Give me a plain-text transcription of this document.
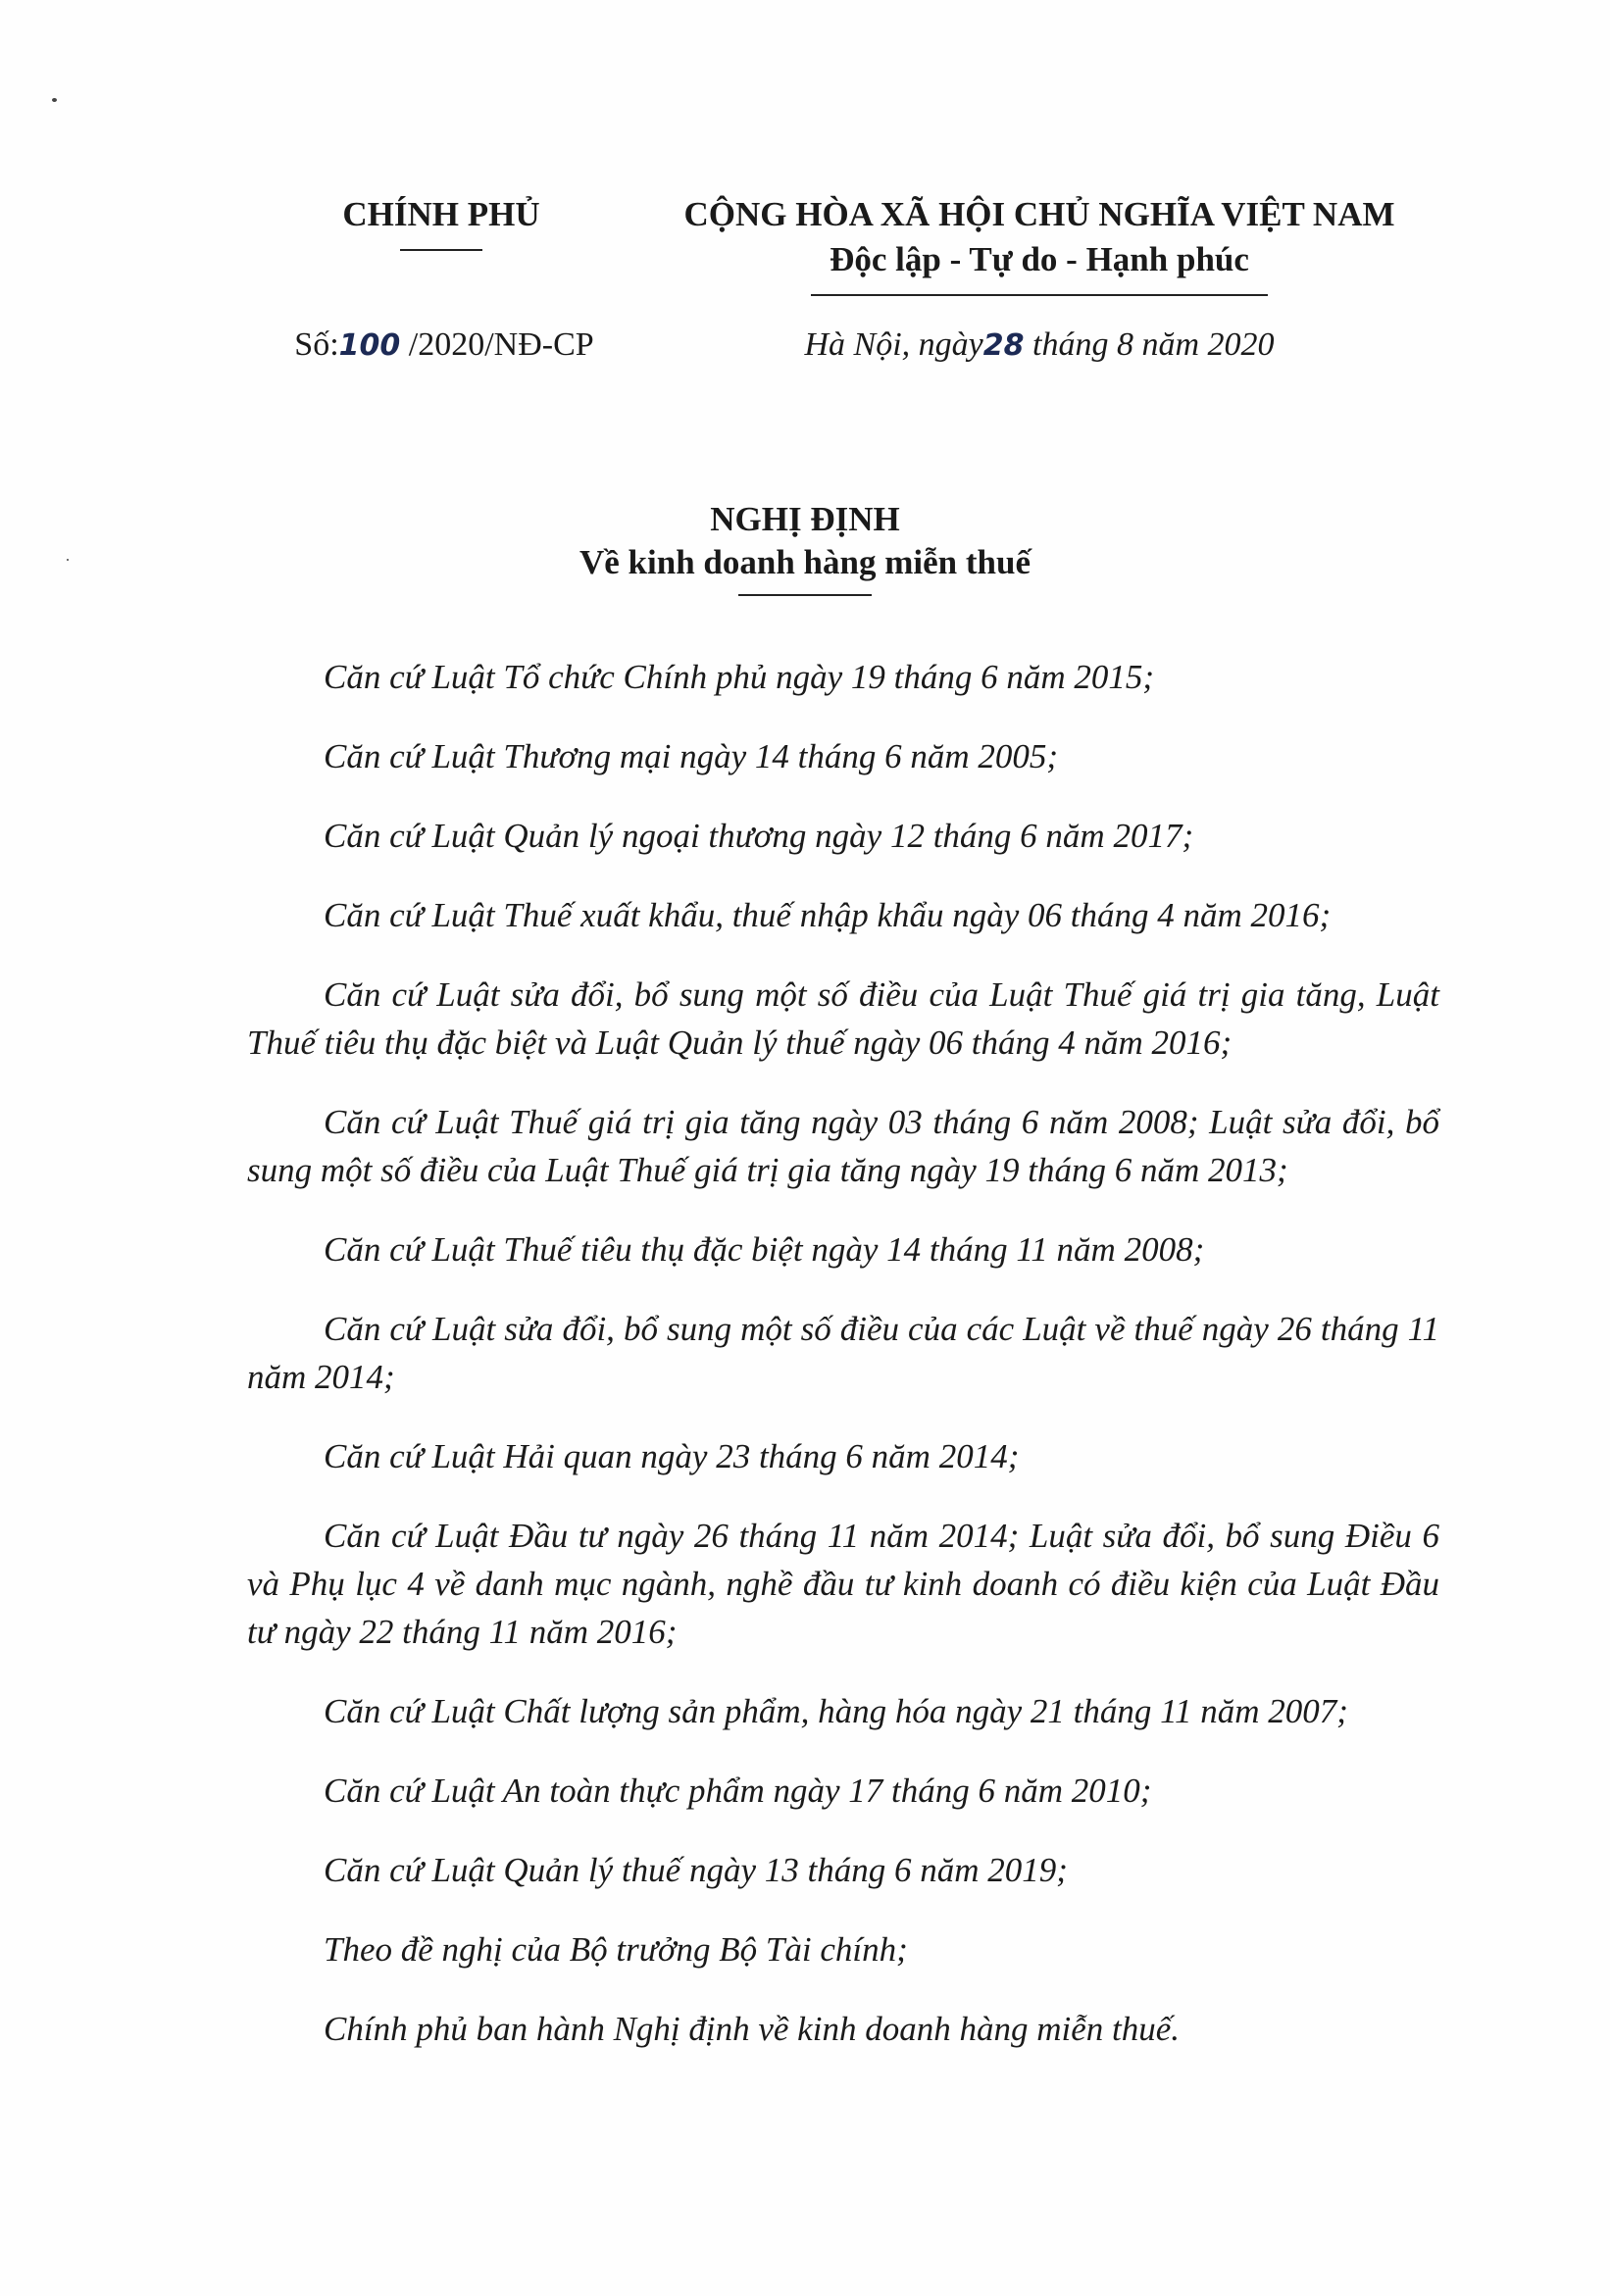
CHÍNH PHỦ	CỘNG HÒA XÃ HỘI CHỦ NGHĨA VIỆT NAM
Độc lập - Tự do - Hạnh phúc
Số:100 /2020/NĐ-CP	Hà Nội, ngày28 tháng 8 năm 2020
NGHỊ ĐỊNH
Về kinh doanh hàng miễn thuế

Căn cứ Luật Tổ chức Chính phủ ngày 19 tháng 6 năm 2015;

Căn cứ Luật Thương mại ngày 14 tháng 6 năm 2005;

Căn cứ Luật Quản lý ngoại thương ngày 12 tháng 6 năm 2017;

Căn cứ Luật Thuế xuất khẩu, thuế nhập khẩu ngày 06 tháng 4 năm 2016;

Căn cứ Luật sửa đổi, bổ sung một số điều của Luật Thuế giá trị gia tăng, Luật Thuế tiêu thụ đặc biệt và Luật Quản lý thuế ngày 06 tháng 4 năm 2016;

Căn cứ Luật Thuế giá trị gia tăng ngày 03 tháng 6 năm 2008; Luật sửa đổi, bổ sung một số điều của Luật Thuế giá trị gia tăng ngày 19 tháng 6 năm 2013;

Căn cứ Luật Thuế tiêu thụ đặc biệt ngày 14 tháng 11 năm 2008;

Căn cứ Luật sửa đổi, bổ sung một số điều của các Luật về thuế ngày 26 tháng 11 năm 2014;

Căn cứ Luật Hải quan ngày 23 tháng 6 năm 2014;

Căn cứ Luật Đầu tư ngày 26 tháng 11 năm 2014; Luật sửa đổi, bổ sung Điều 6 và Phụ lục 4 về danh mục ngành, nghề đầu tư kinh doanh có điều kiện của Luật Đầu tư ngày 22 tháng 11 năm 2016;

Căn cứ Luật Chất lượng sản phẩm, hàng hóa ngày 21 tháng 11 năm 2007;

Căn cứ Luật An toàn thực phẩm ngày 17 tháng 6 năm 2010;

Căn cứ Luật Quản lý thuế ngày 13 tháng 6 năm 2019;

Theo đề nghị của Bộ trưởng Bộ Tài chính;

Chính phủ ban hành Nghị định về kinh doanh hàng miễn thuế.
